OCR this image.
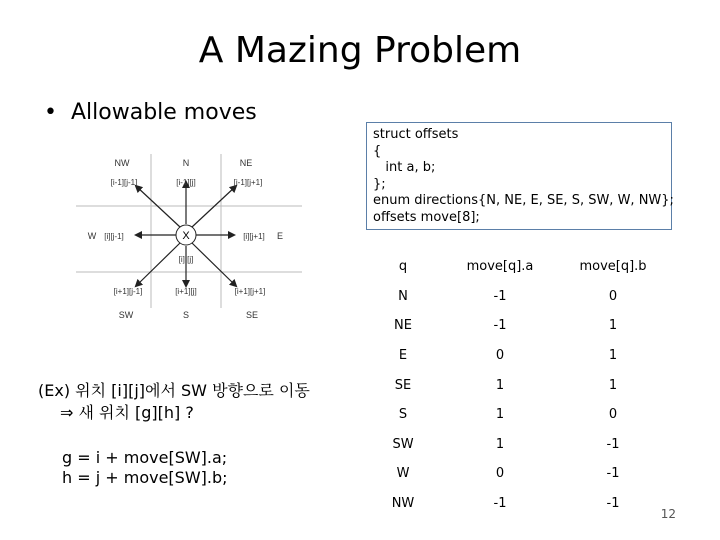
A Mazing Problem
• Allowable moves
struct offsets
{
int a, b;
};
enum directions{N, NE, E, SE, S, SW, W, NW};
offsets move[8];
X
NW	N	NE
W	E
SW	S	SE
[i-1][j-1]	[i-1][j]	[i-1][j+1]
[i][j-1]
[i] [j]
[i][j+1]
[i+1][j-1]	[i+1][j]	[i+1][j+1]
q	move[q].a	move[q].b
N	-1	0
NE	-1	1
E	0	1
SE	1	1
S	1	0
SW	1	-1
W	0	-1
NW	-1	-1
(Ex) 위치 [i][j]에서 SW 방향으로 이동
⇒ 새 위치 [g][h] ?
g = i + move[SW].a;
h = j + move[SW].b;
12
